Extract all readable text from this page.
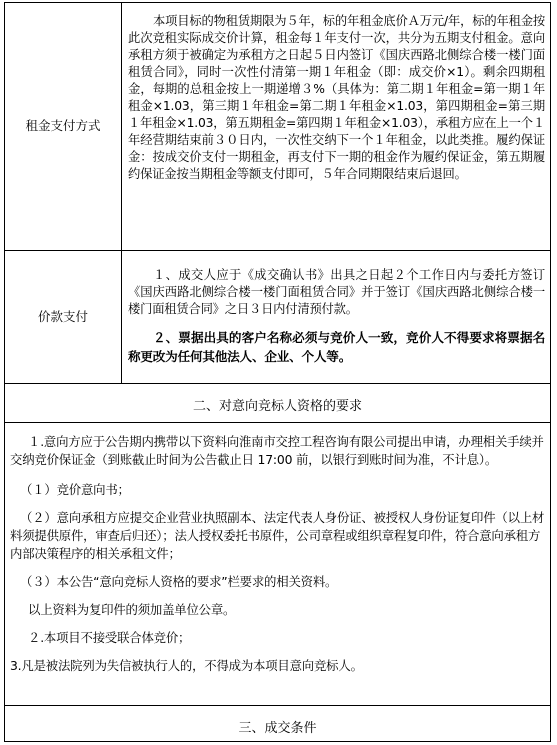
租金支付方式

本项目标的物租赁期限为５年，标的年租金底价Ａ万元/年，标的年租金按此次竞租实际成交价计算，租金每１年支付一次，共分为五期支付租金。意向承租方须于被确定为承租方之日起５日内签订《国庆西路北侧综合楼一楼门面租赁合同》，同时一次性付清第一期１年租金（即：成交价×1）。剩余四期租金，每期的总租金按上一期递增３%（具体为：第二期１年租金=第一期１年租金×1.03，第三期１年租金=第二期１年租金×1.03，第四期租金=第三期１年租金×1.03，第五期租金=第四期１年租金×1.03），承租方应在上一个１年经营期结束前３０日内，一次性交纳下一个１年租金，以此类推。履约保证金：按成交价支付一期租金，再支付下一期的租金作为履约保证金，第五期履约保证金按当期租金等额支付即可，５年合同期限结束后退回。

价款支付

１、成交人应于《成交确认书》出具之日起２个工作日内与委托方签订《国庆西路北侧综合楼一楼门面租赁合同》并于签订《国庆西路北侧综合楼一楼门面租赁合同》之日３日内付清预付款。

２、票据出具的客户名称必须与竞价人一致，竞价人不得要求将票据名称更改为任何其他法人、企业、个人等。

二、对意向竞标人资格的要求

１.意向方应于公告期内携带以下资料向淮南市交控工程咨询有限公司提出申请，办理相关手续并交纳竞价保证金（到账截止时间为公告截止日 17:00 前，以银行到账时间为准，不计息）。

（１）竞价意向书；

（２）意向承租方应提交企业营业执照副本、法定代表人身份证、被授权人身份证复印件（以上材料须提供原件，审查后归还）；法人授权委托书原件，公司章程或组织章程复印件，符合意向承租方内部决策程序的相关承租文件；

（３）本公告“意向竞标人资格的要求”栏要求的相关资料。

以上资料为复印件的须加盖单位公章。

２.本项目不接受联合体竞价；

3.凡是被法院列为失信被执行人的，不得成为本项目意向竞标人。

三、成交条件
